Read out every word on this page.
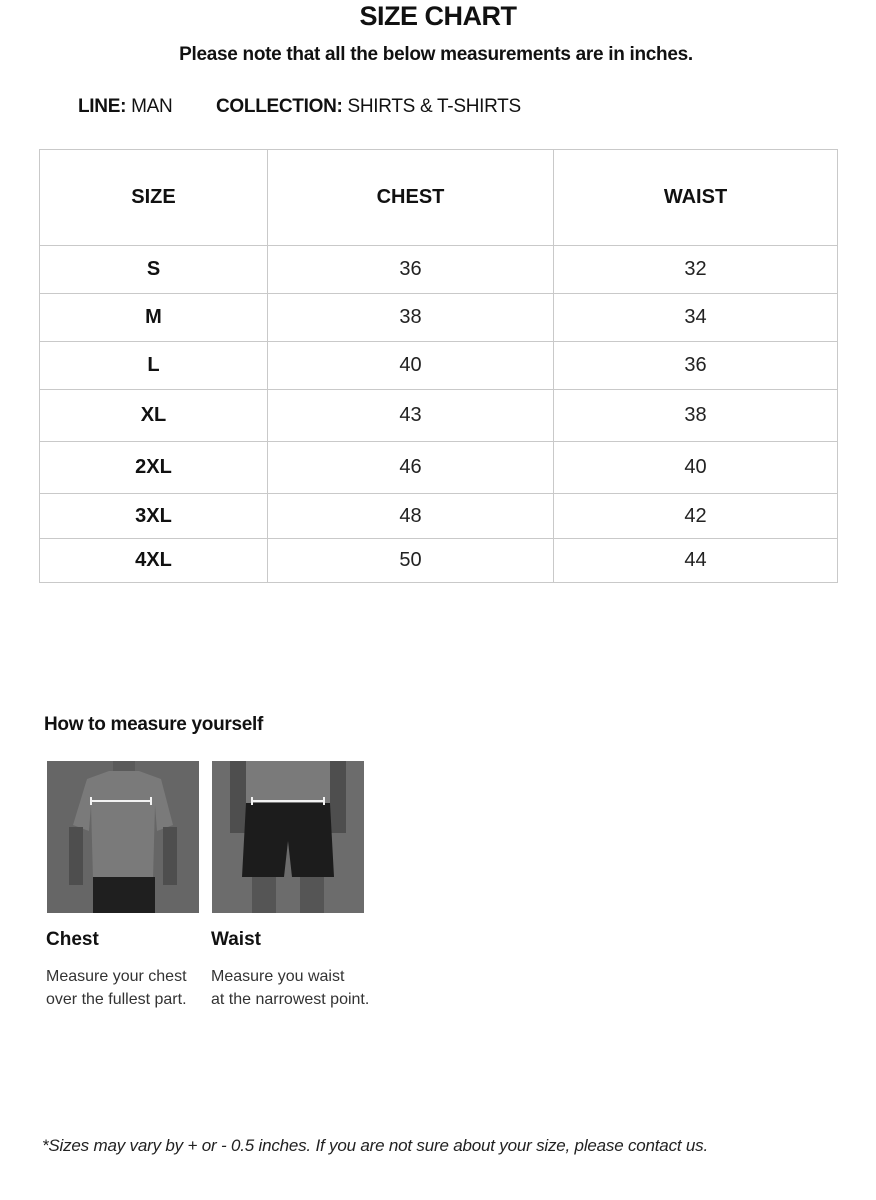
SIZE CHART
Please note that all the below measurements are in inches.
LINE: MAN COLLECTION: SHIRTS & T-SHIRTS
SIZE	CHEST	WAIST
S	36	32
M	38	34
L	40	36
XL	43	38
2XL	46	40
3XL	48	42
4XL	50	44
How to measure yourself
Chest
Measure your chest
over the fullest part.
Waist
Measure you waist
at the narrowest point.
*Sizes may vary by + or - 0.5 inches. If you are not sure about your size, please contact us.
